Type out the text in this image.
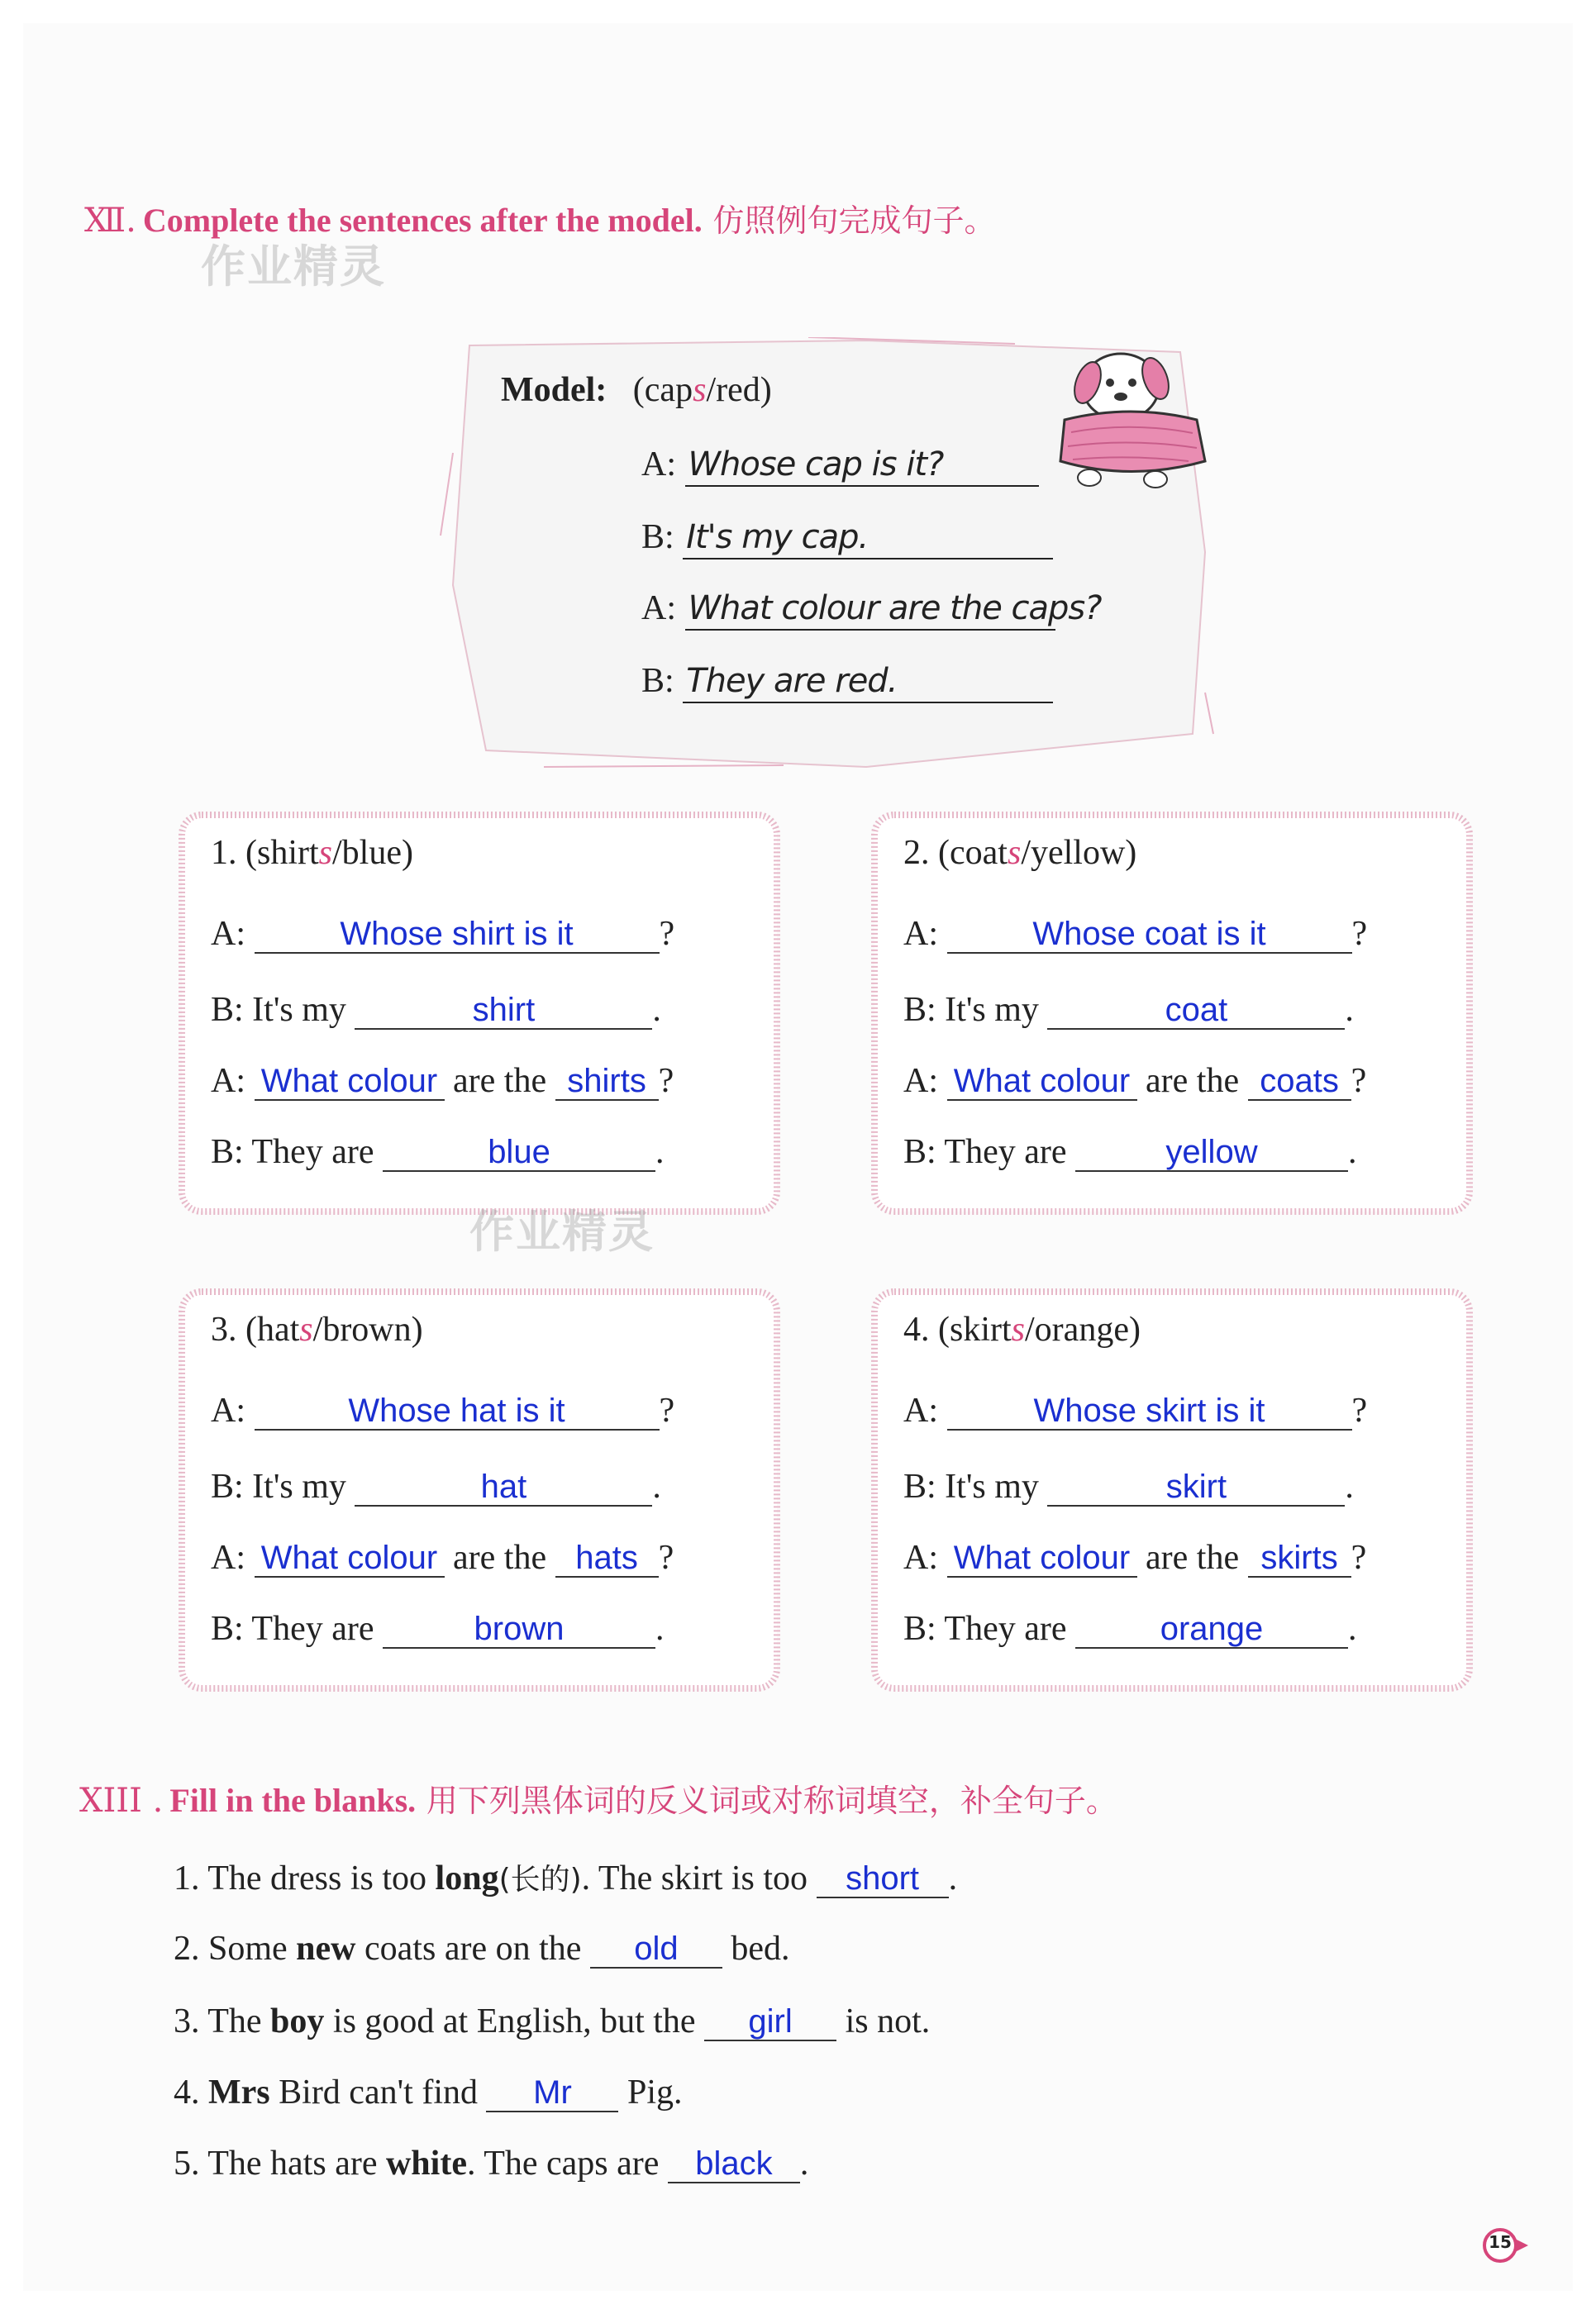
Ⅻ. Complete the sentences after the model. 仿照例句完成句子。
作业精灵
Model: (caps/red)
A: Whose cap is it?
B: It's my cap.
A: What colour are the caps?
B: They are red.
1. (shirts/blue)
A:	Whose shirt is it ?
B: It's my	shirt	.
A: What colour are the shirts ?
B: They are	blue	.
2. (coats/yellow)
A:	Whose coat is it ?
B: It's my	coat	.
A: What colour are the coats ?
B: They are	yellow	.
作业精灵
3. (hats/brown)
A:	Whose hat is it	?
B: It's my	hat	.
A: What colour are the hats ?
B: They are	brown	.
4. (skirts/orange)
A:	Whose skirt is it ?
B: It's my	skirt	.
A: What colour are the skirts ?
B: They are	orange .
XIII . Fill in the blanks. 用下列黑体词的反义词或对称词填空，补全句子。
1. The dress is too long(长的). The skirt is too short .
2. Some new coats are on the old bed.
3. The boy is good at English, but the girl is not.
4. Mrs Bird can't find Mr Pig.
5. The hats are white. The caps are black .
15
